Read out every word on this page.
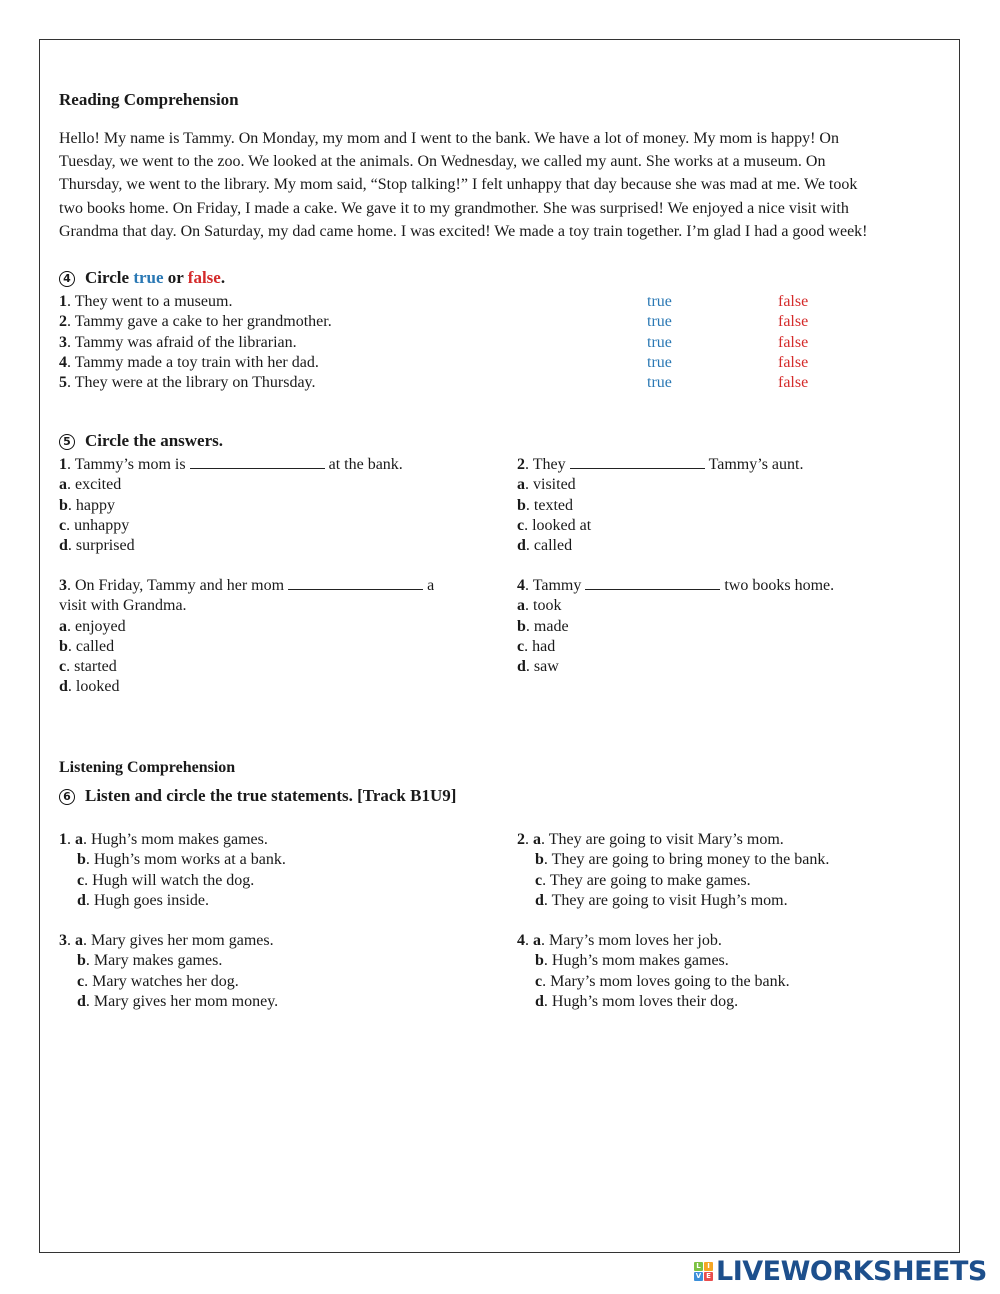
Reading Comprehension
Hello! My name is Tammy. On Monday, my mom and I went to the bank. We have a lot of money. My mom is happy! On
Tuesday, we went to the zoo. We looked at the animals. On Wednesday, we called my aunt. She works at a museum. On
Thursday, we went to the library. My mom said, “Stop talking!” I felt unhappy that day because she was mad at me. We took
two books home. On Friday, I made a cake. We gave it to my grandmother. She was surprised! We enjoyed a nice visit with
Grandma that day. On Saturday, my dad came home. I was excited! We made a toy train together. I’m glad I had a good week!
4 Circle true or false.
1. They went to a museum.	true	false
2. Tammy gave a cake to her grandmother.	true	false
3. Tammy was afraid of the librarian.	true	false
4. Tammy made a toy train with her dad.	true	false
5. They were at the library on Thursday.	true	false
5 Circle the answers.
1. Tammy’s mom is	at the bank.
a. excited
b. happy
c. unhappy
d. surprised
2. They	Tammy’s aunt.
a. visited
b. texted
c. looked at
d. called
3. On Friday, Tammy and her mom	a
visit with Grandma.
a. enjoyed
b. called
c. started
d. looked
4. Tammy	two books home.
a. took
b. made
c. had
d. saw
Listening Comprehension
6 Listen and circle the true statements. [Track B1U9]
1. a. Hugh’s mom makes games.
b. Hugh’s mom works at a bank.
c. Hugh will watch the dog.
d. Hugh goes inside.
2. a. They are going to visit Mary’s mom.
b. They are going to bring money to the bank.
c. They are going to make games.
d. They are going to visit Hugh’s mom.
3. a. Mary gives her mom games.
b. Mary makes games.
c. Mary watches her dog.
d. Mary gives her mom money.
4. a. Mary’s mom loves her job.
b. Hugh’s mom makes games.
c. Mary’s mom loves going to the bank.
d. Hugh’s mom loves their dog.
L I
V E LIVEWORKSHEETS
